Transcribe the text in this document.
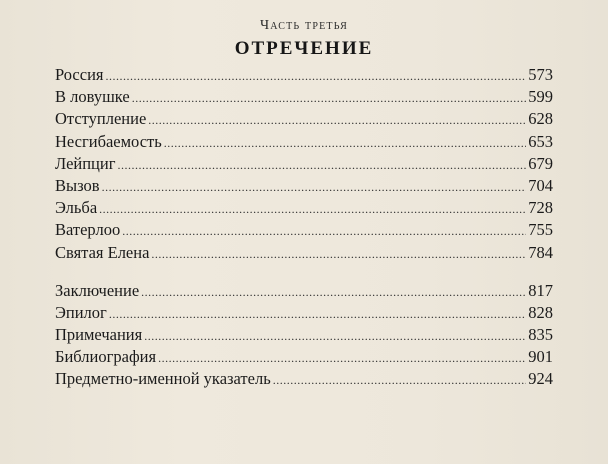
Часть третья
ОТРЕЧЕНИЕ
Россия .....	573
В ловушке .....	599
Отступление .....	628
Несгибаемость .....	653
Лейпциг .....	679
Вызов .....	704
Эльба .....	728
Ватерлоо .....	755
Святая Елена .....	784
Заключение .....	817
Эпилог .....	828
Примечания .....	835
Библиография .....	901
Предметно-именной указатель .....	924
